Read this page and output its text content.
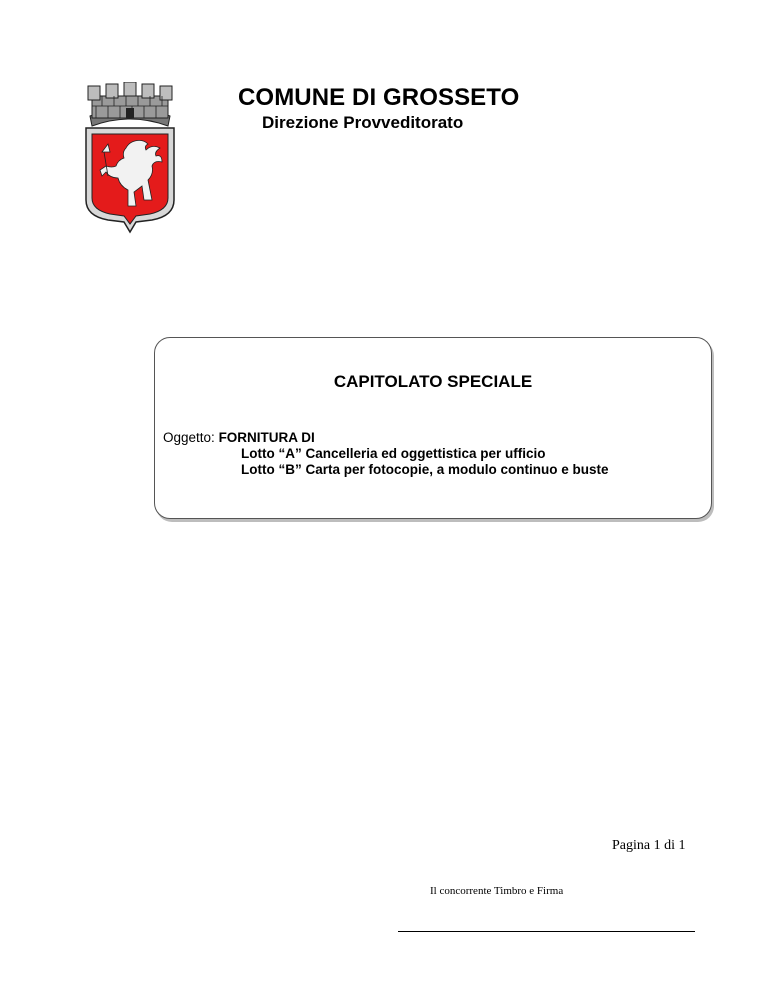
COMUNE DI GROSSETO
Direzione Provveditorato
CAPITOLATO SPECIALE
Oggetto: FORNITURA DI
Lotto “A” Cancelleria ed oggettistica per ufficio
Lotto “B” Carta per fotocopie, a modulo continuo e buste
Pagina 1 di 1
Il concorrente Timbro e Firma
